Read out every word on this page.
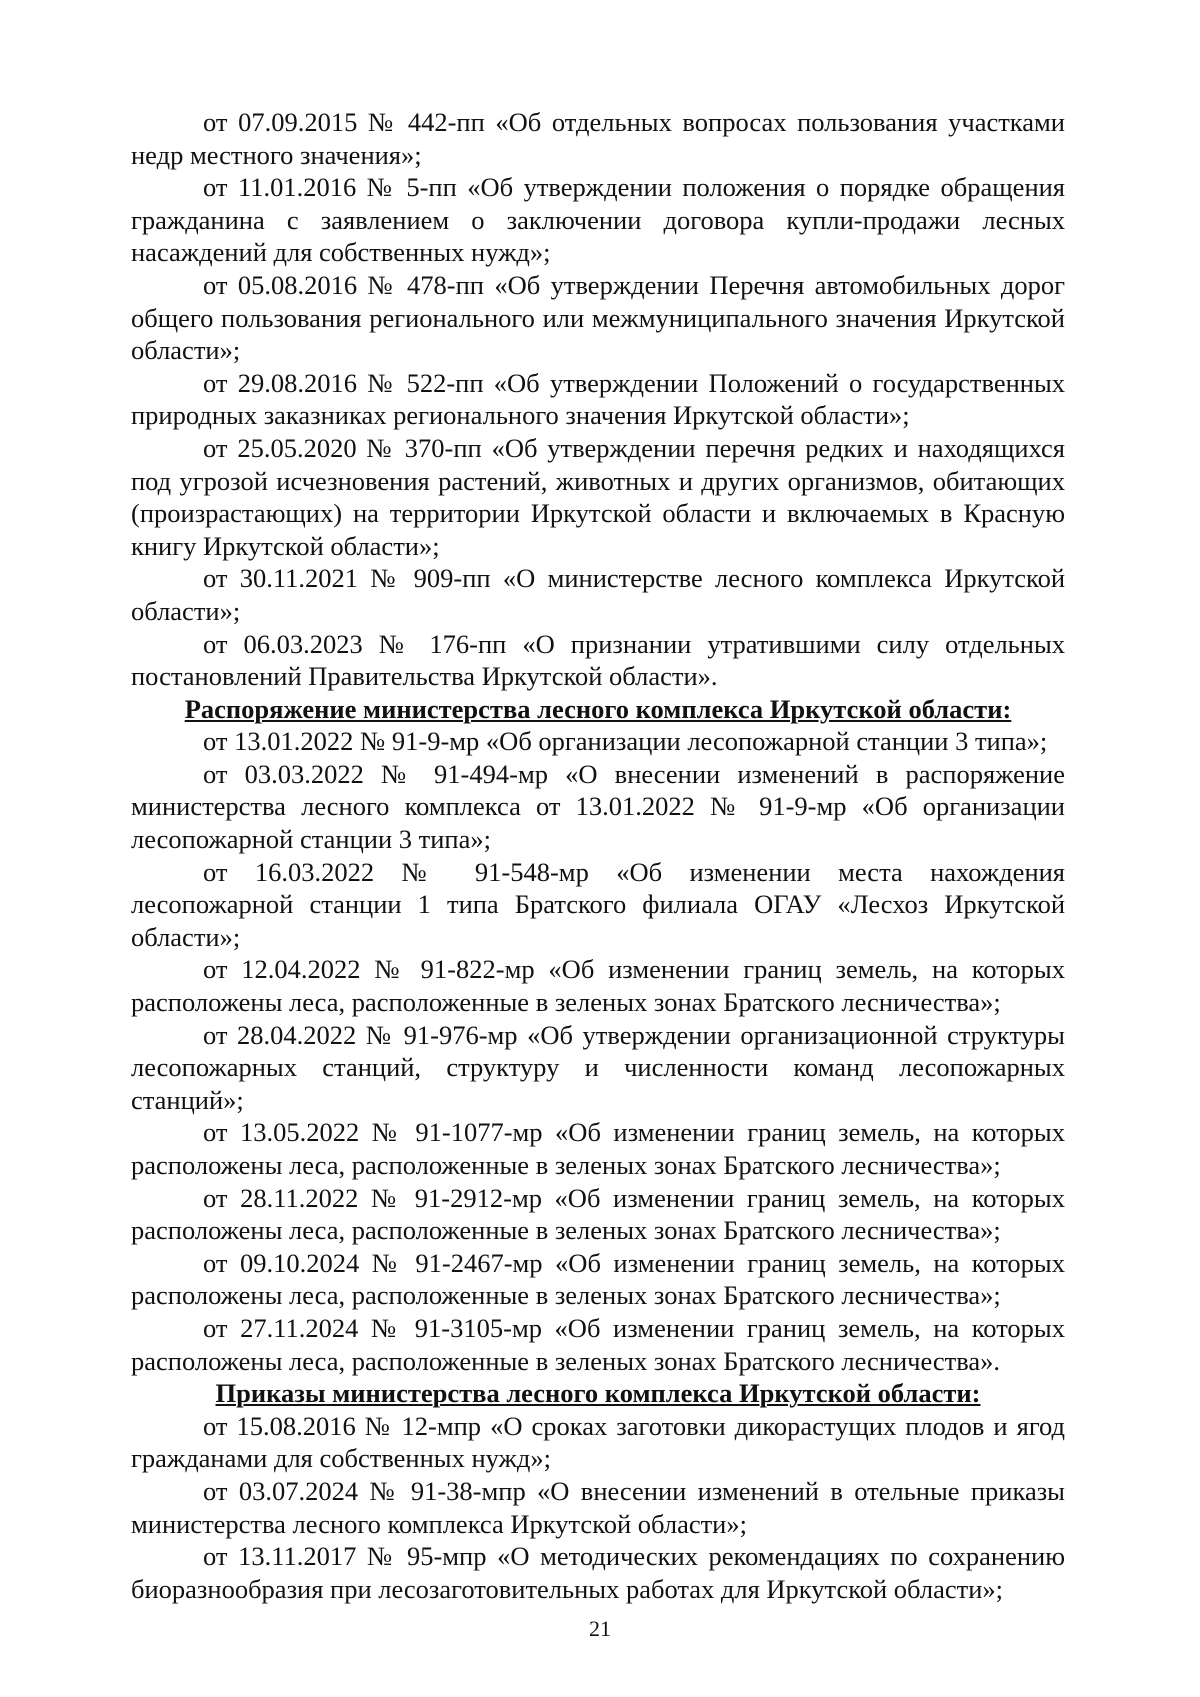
от 07.09.2015 № 442-пп «Об отдельных вопросах пользования участками недр местного значения»;

от 11.01.2016 № 5-пп «Об утверждении положения о порядке обращения гражданина с заявлением о заключении договора купли-продажи лесных насаждений для собственных нужд»;

от 05.08.2016 № 478-пп «Об утверждении Перечня автомобильных дорог общего пользования регионального или межмуниципального значения Иркутской области»;

от 29.08.2016 № 522-пп «Об утверждении Положений о государственных природных заказниках регионального значения Иркутской области»;

от 25.05.2020 № 370-пп «Об утверждении перечня редких и находящихся под угрозой исчезновения растений, животных и других организмов, обитающих (произрастающих) на территории Иркутской области и включаемых в Красную книгу Иркутской области»;

от 30.11.2021 № 909-пп «О министерстве лесного комплекса Иркутской области»;

от 06.03.2023 № 176-пп «О признании утратившими силу отдельных постановлений Правительства Иркутской области».

Распоряжение министерства лесного комплекса Иркутской области:

от 13.01.2022 № 91-9-мр «Об организации лесопожарной станции 3 типа»;

от 03.03.2022 № 91-494-мр «О внесении изменений в распоряжение министерства лесного комплекса от 13.01.2022 № 91-9-мр «Об организации лесопожарной станции 3 типа»;

от 16.03.2022 № 91-548-мр «Об изменении места нахождения лесопожарной станции 1 типа Братского филиала ОГАУ «Лесхоз Иркутской области»;

от 12.04.2022 № 91-822-мр «Об изменении границ земель, на которых расположены леса, расположенные в зеленых зонах Братского лесничества»;

от 28.04.2022 № 91-976-мр «Об утверждении организационной структуры лесопожарных станций, структуру и численности команд лесопожарных станций»;

от 13.05.2022 № 91-1077-мр «Об изменении границ земель, на которых расположены леса, расположенные в зеленых зонах Братского лесничества»;

от 28.11.2022 № 91-2912-мр «Об изменении границ земель, на которых расположены леса, расположенные в зеленых зонах Братского лесничества»;

от 09.10.2024 № 91-2467-мр «Об изменении границ земель, на которых расположены леса, расположенные в зеленых зонах Братского лесничества»;

от 27.11.2024 № 91-3105-мр «Об изменении границ земель, на которых расположены леса, расположенные в зеленых зонах Братского лесничества».

Приказы министерства лесного комплекса Иркутской области:

от 15.08.2016 № 12-мпр «О сроках заготовки дикорастущих плодов и ягод гражданами для собственных нужд»;

от 03.07.2024 № 91-38-мпр «О внесении изменений в отельные приказы министерства лесного комплекса Иркутской области»;

от 13.11.2017 № 95-мпр «О методических рекомендациях по сохранению биоразнообразия при лесозаготовительных работах для Иркутской области»;

21
